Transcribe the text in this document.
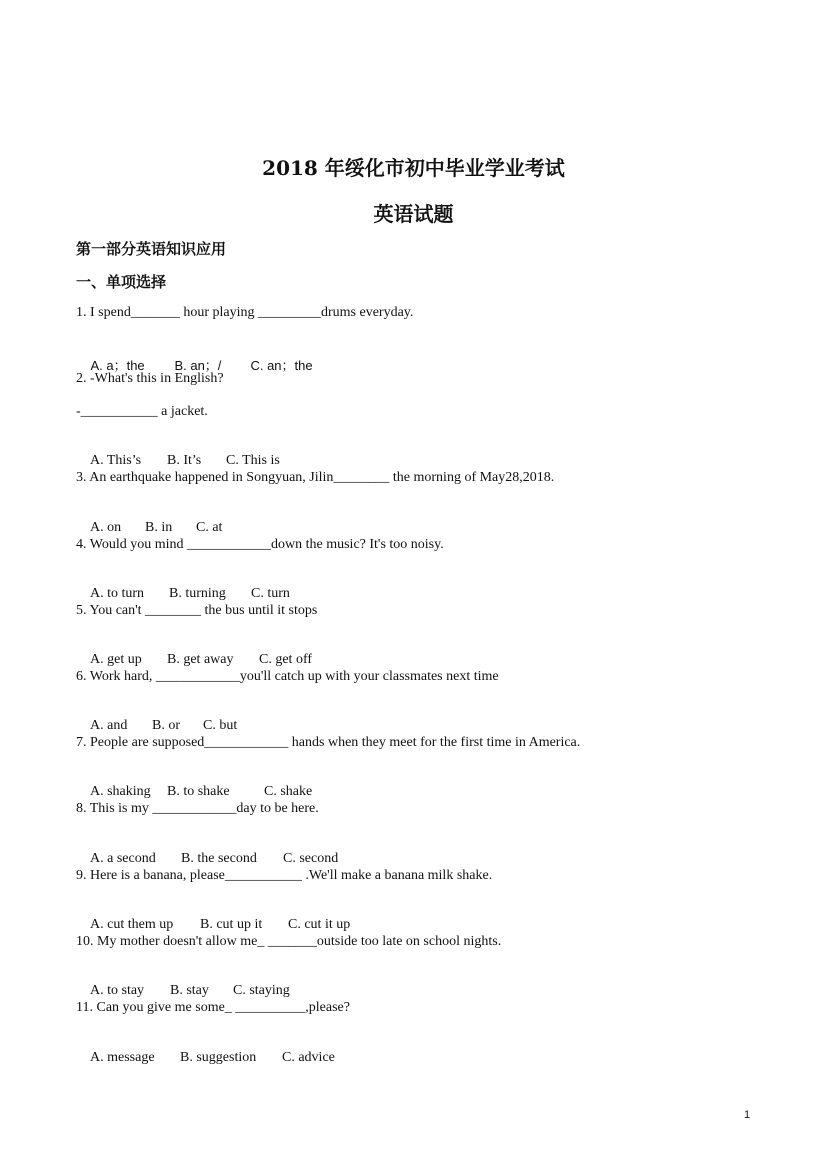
2018 年绥化市初中毕业学业考试
英语试题
第一部分英语知识应用
一、单项选择
1. I spend_______ hour playing _________drums everyday.

A. a；the B. an；/ C. an；the

2. -What's this in English?
-___________ a jacket.

A. This’s B. It’s C. This is

3. An earthquake happened in Songyuan, Jilin________ the morning of May28,2018.

A. on B. in C. at

4. Would you mind ____________down the music? It's too noisy.

A. to turn B. turning C. turn

5. You can't ________ the bus until it stops

A. get up B. get away C. get off

6. Work hard, ____________you'll catch up with your classmates next time

A. and B. or C. but

7. People are supposed____________ hands when they meet for the first time in America.

A. shaking B. to shake C. shake

8. This is my ____________day to be here.

A. a second B. the second C. second

9. Here is a banana, please___________ .We'll make a banana milk shake.

A. cut them up B. cut up it C. cut it up

10. My mother doesn't allow me_ _______outside too late on school nights.

A. to stay B. stay C. staying

11. Can you give me some_ __________,please?

A. message B. suggestion C. advice

1
